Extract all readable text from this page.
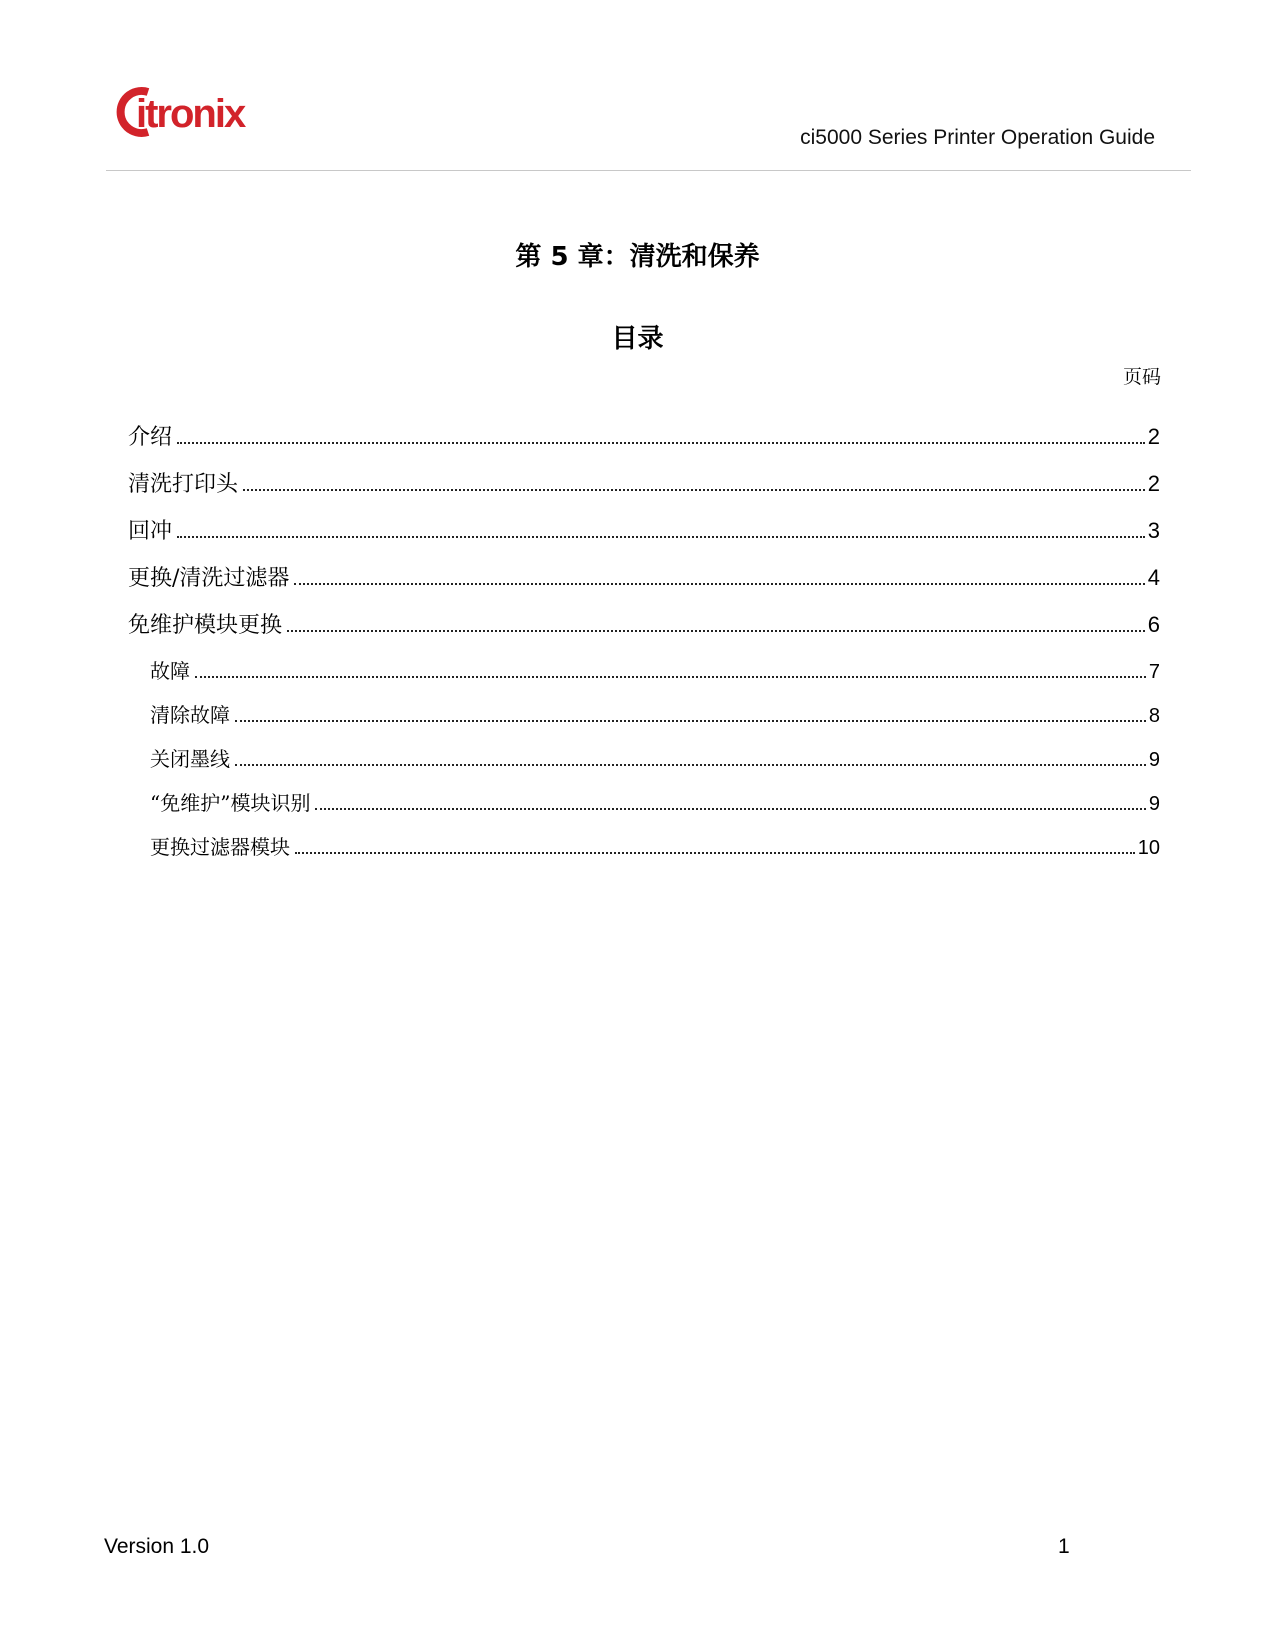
itronix
ci5000 Series Printer Operation Guide
第 5 章：清洗和保养
目录
页码
介绍	2
清洗打印头	2
回冲	3
更换/清洗过滤器	4
免维护模块更换	6
故障	7
清除故障	8
关闭墨线	9
“免维护”模块识别	9
更换过滤器模块	10
Version 1.0	1
